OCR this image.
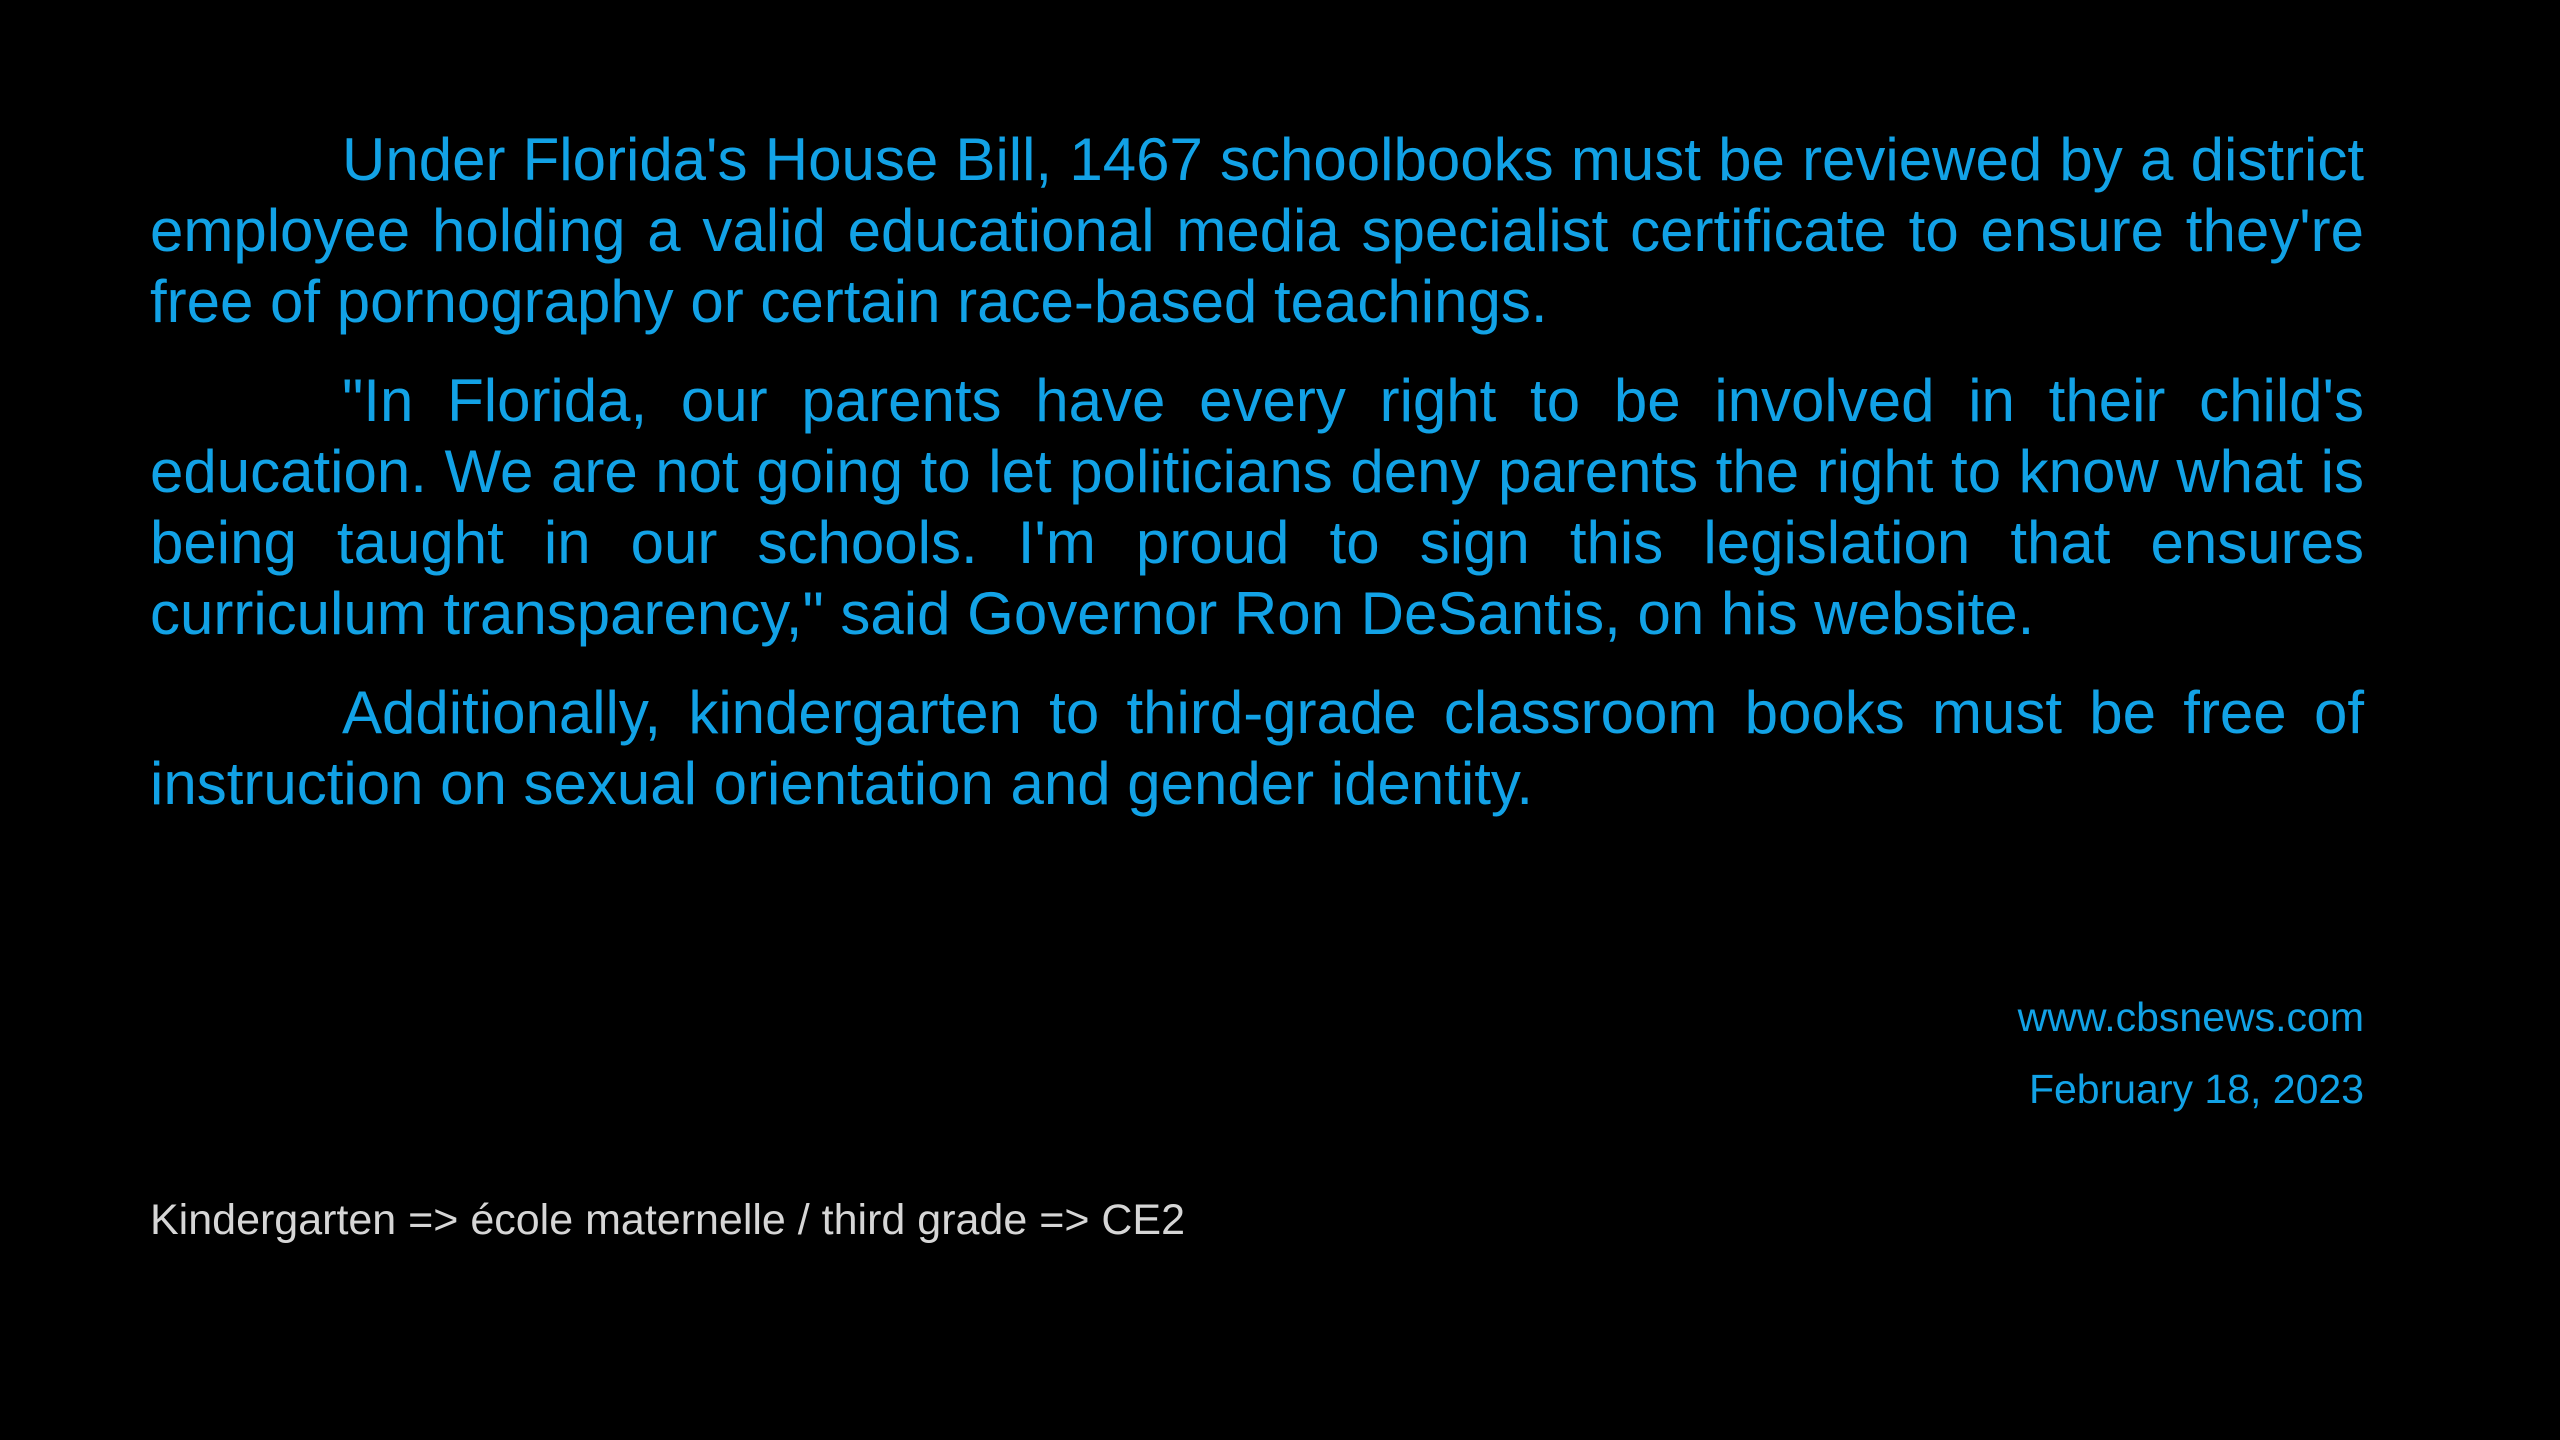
Under Florida's House Bill, 1467 schoolbooks must be reviewed by a district employee holding a valid educational media specialist certificate to ensure they're free of pornography or certain race-based teachings.

"In Florida, our parents have every right to be involved in their child's education. We are not going to let politicians deny parents the right to know what is being taught in our schools. I'm proud to sign this legislation that ensures curriculum transparency," said Governor Ron DeSantis, on his website.

Additionally, kindergarten to third-grade classroom books must be free of instruction on sexual orientation and gender identity.

www.cbsnews.com
February 18, 2023
Kindergarten => école maternelle / third grade => CE2
